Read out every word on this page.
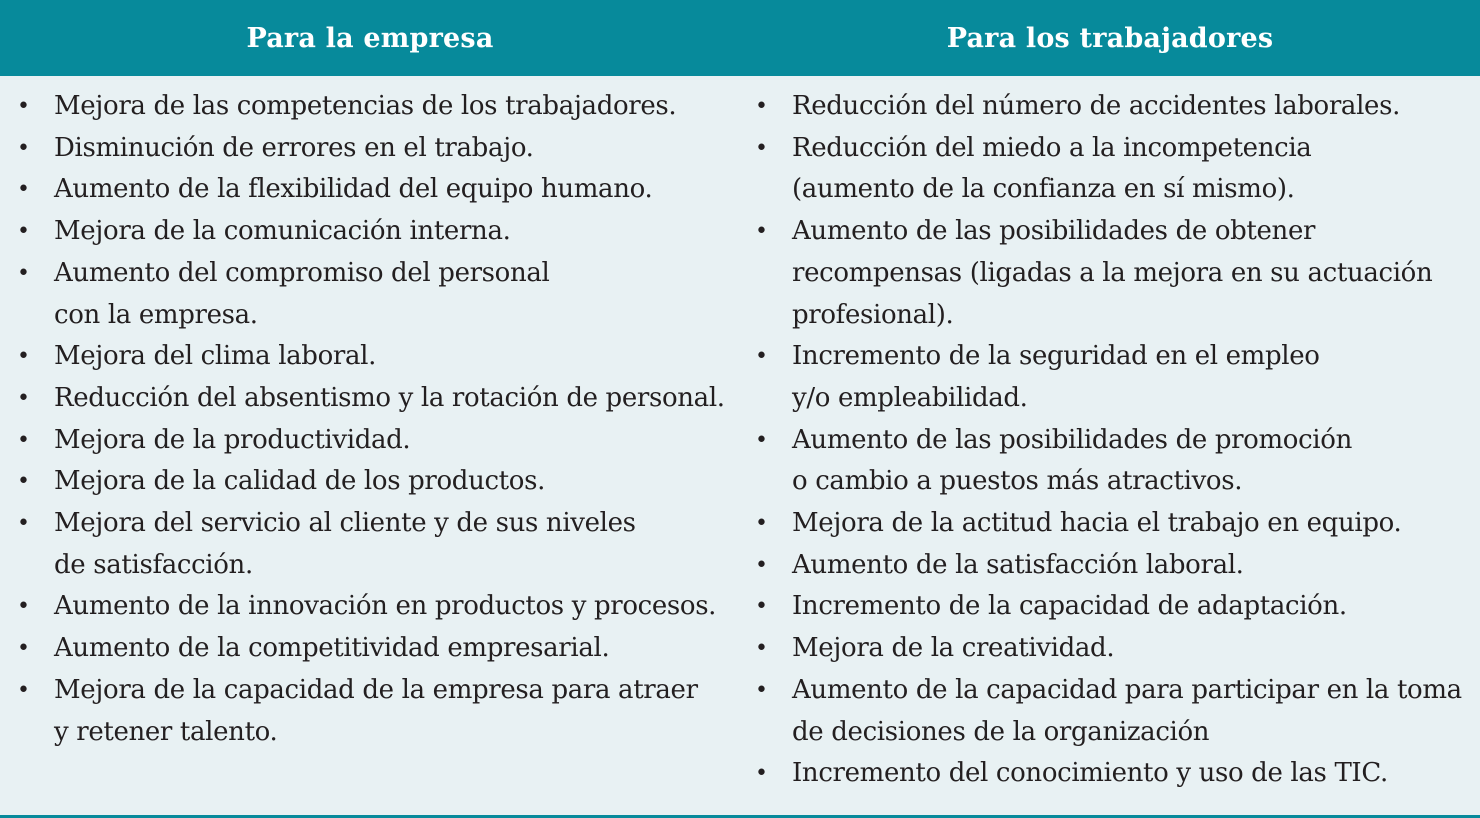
Para la empresa	Para los trabajadores
• Mejora de las competencias de los trabajadores.
• Disminución de errores en el trabajo.
• Aumento de la flexibilidad del equipo humano.
• Mejora de la comunicación interna.
• Aumento del compromiso del personal
con la empresa.
• Mejora del clima laboral.
• Reducción del absentismo y la rotación de personal.
• Mejora de la productividad.
• Mejora de la calidad de los productos.
• Mejora del servicio al cliente y de sus niveles
de satisfacción.
• Aumento de la innovación en productos y procesos.
• Aumento de la competitividad empresarial.
• Mejora de la capacidad de la empresa para atraer
y retener talento.
• Reducción del número de accidentes laborales.
• Reducción del miedo a la incompetencia
(aumento de la confianza en sí mismo).
• Aumento de las posibilidades de obtener
recompensas (ligadas a la mejora en su actuación
profesional).
• Incremento de la seguridad en el empleo
y/o empleabilidad.
• Aumento de las posibilidades de promoción
o cambio a puestos más atractivos.
• Mejora de la actitud hacia el trabajo en equipo.
• Aumento de la satisfacción laboral.
• Incremento de la capacidad de adaptación.
• Mejora de la creatividad.
• Aumento de la capacidad para participar en la toma
de decisiones de la organización
• Incremento del conocimiento y uso de las TIC.
